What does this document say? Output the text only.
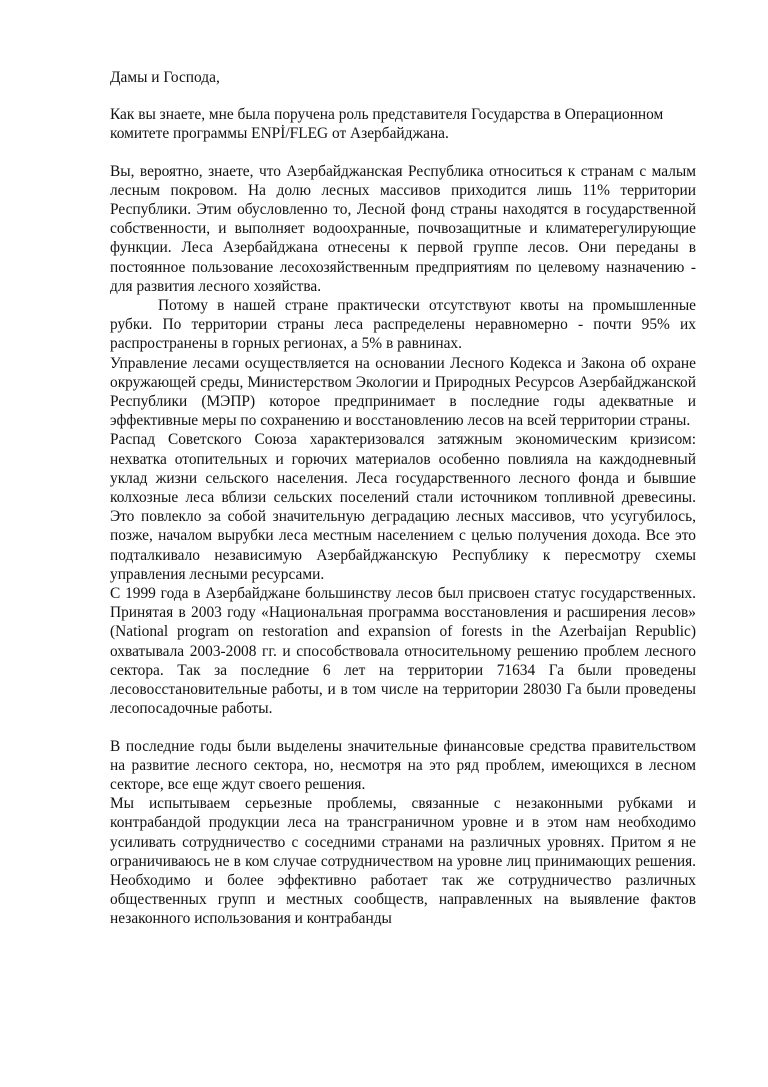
Дамы и Господа,

Как вы знаете, мне была поручена роль представителя Государства в Операционном комитете программы ENPİ/FLEG от Азербайджана.

Вы, вероятно, знаете, что Азербайджанская Республика относиться к странам с малым лесным покровом. На долю лесных массивов приходится лишь 11% территории Республики. Этим обусловленно то, Лесной фонд страны находятся в государственной собственности, и выполняет водоохранные, почвозащитные и климатерегулирующие функции. Леса Азербайджана отнесены к первой группе лесов. Они переданы в постоянное пользование лесохозяйственным предприятиям по целевому назначению - для развития лесного хозяйства.

Потому в нашей стране практически отсутствуют квоты на промышленные рубки. По территории страны леса распределены неравномерно - почти 95% их распространены в горных регионах, а 5% в равнинах.

Управление лесами осуществляется на основании Лесного Кодекса и Закона об охране окружающей среды, Министерством Экологии и Природных Ресурсов Азербайджанской Республики (МЭПР) которое предпринимает в последние годы адекватные и эффективные меры по сохранению и восстановлению лесов на всей территории страны.

Распад Советского Союза характеризовался затяжным экономическим кризисом: нехватка отопительных и горючих материалов особенно повлияла на каждодневный уклад жизни сельского населения. Леса государственного лесного фонда и бывшие колхозные леса вблизи сельских поселений стали источником топливной древесины. Это повлекло за собой значительную деградацию лесных массивов, что усугубилось, позже, началом вырубки леса местным населением с целью получения дохода. Все это подталкивало независимую Азербайджанскую Республику к пересмотру схемы управления лесными ресурсами.

С 1999 года в Азербайджане большинству лесов был присвоен статус государственных. Принятая в 2003 году «Национальная программа восстановления и расширения лесов» (National program on restoration and expansion of forests in the Azerbaijan Republic) охватывала 2003-2008 гг. и способствовала относительному решению проблем лесного сектора. Так за последние 6 лет на территории 71634 Га были проведены лесовосстановительные работы, и в том числе на территории 28030 Га были проведены лесопосадочные работы.

В последние годы были выделены значительные финансовые средства правительством на развитие лесного сектора, но, несмотря на это ряд проблем, имеющихся в лесном секторе, все еще ждут своего решения.

Мы испытываем серьезные проблемы, связанные с незаконными рубками и контрабандой продукции леса на трансграничном уровне и в этом нам необходимо усиливать сотрудничество с соседними странами на различных уровнях. Притом я не ограничиваюсь не в ком случае сотрудничеством на уровне лиц принимающих решения. Необходимо и более эффективно работает так же сотрудничество различных общественных групп и местных сообществ, направленных на выявление фактов незаконного использования и контрабанды
